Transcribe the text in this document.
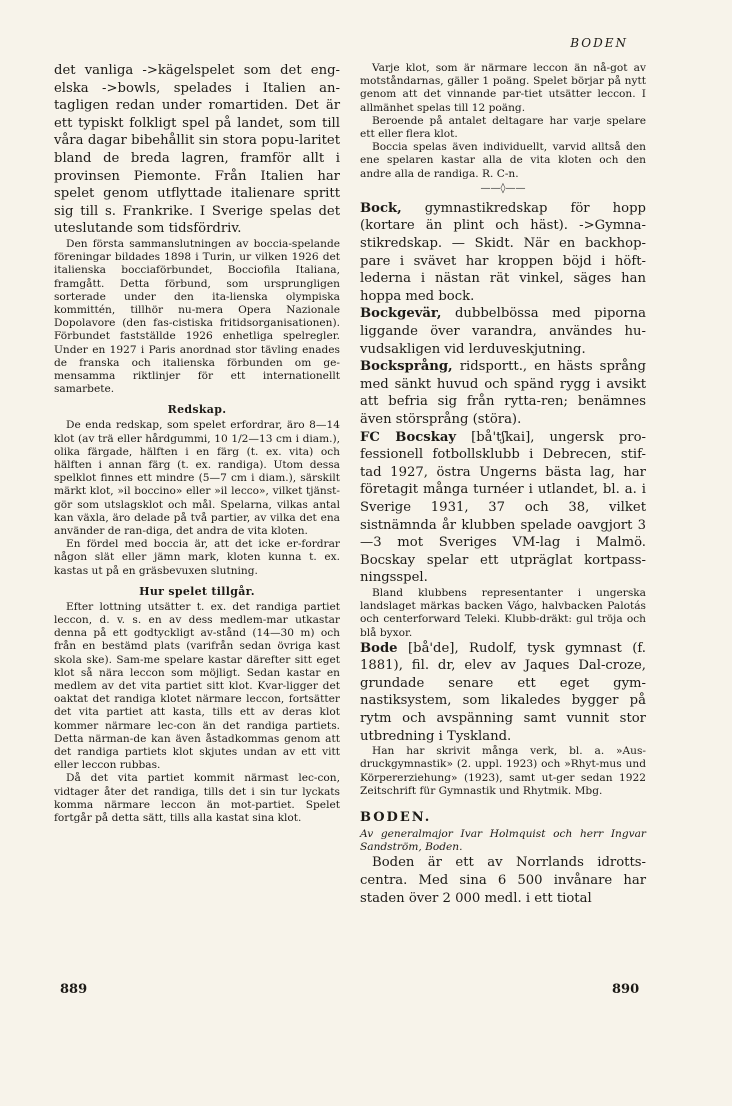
BODEN

det vanliga ->kägelspelet som det eng-elska ->bowls, spelades i Italien an-tagligen redan under romartiden. Det är ett typiskt folkligt spel på landet, som till våra dagar bibehållit sin stora popu-laritet bland de breda lagren, framför allt i provinsen Piemonte. Från Italien har spelet genom utflyttade italienare spritt sig till s. Frankrike. I Sverige spelas det uteslutande som tidsfördriv.

Den första sammanslutningen av boccia-spelande föreningar bildades 1898 i Turin, ur vilken 1926 det italienska bocciaförbundet, Bocciofila Italiana, framgått. Detta förbund, som ursprungligen sorterade under den ita-lienska olympiska kommittén, tillhör nu-mera Opera Nazionale Dopolavore (den fas-cistiska fritidsorganisationen). Förbundet fastställde 1926 enhetliga spelregler. Under en 1927 i Paris anordnad stor tävling enades de franska och italienska förbunden om ge-mensamma riktlinjer för ett internationellt samarbete.

Redskap.

De enda redskap, som spelet erfordrar, äro 8—14 klot (av trä eller hårdgummi, 10 1/2—13 cm i diam.), olika färgade, hälften i en färg (t. ex. vita) och hälften i annan färg (t. ex. randiga). Utom dessa spelklot finnes ett mindre (5—7 cm i diam.), särskilt märkt klot, »il boccino» eller »il lecco», vilket tjänst-gör som utslagsklot och mål. Spelarna, vilkas antal kan växla, äro delade på två partier, av vilka det ena använder de ran-diga, det andra de vita kloten.

En fördel med boccia är, att det icke er-fordrar någon slät eller jämn mark, kloten kunna t. ex. kastas ut på en gräsbevuxen slutning.

Hur spelet tillgår.

Efter lottning utsätter t. ex. det randiga partiet leccon, d. v. s. en av dess medlem-mar utkastar denna på ett godtyckligt av-stånd (14—30 m) och från en bestämd plats (varifrån sedan övriga kast skola ske). Sam-me spelare kastar därefter sitt eget klot så nära leccon som möjligt. Sedan kastar en medlem av det vita partiet sitt klot. Kvar-ligger det oaktat det randiga klotet närmare leccon, fortsätter det vita partiet att kasta, tills ett av deras klot kommer närmare lec-con än det randiga partiets. Detta närman-de kan även åstadkommas genom att det randiga partiets klot skjutes undan av ett vitt eller leccon rubbas.

Då det vita partiet kommit närmast lec-con, vidtager åter det randiga, tills det i sin tur lyckats komma närmare leccon än mot-partiet. Spelet fortgår på detta sätt, tills alla kastat sina klot.

Varje klot, som är närmare leccon än nå-got av motståndarnas, gäller 1 poäng. Spelet börjar på nytt genom att det vinnande par-tiet utsätter leccon. I allmänhet spelas till 12 poäng.

Beroende på antalet deltagare har varje spelare ett eller flera klot.

Boccia spelas även individuellt, varvid alltså den ene spelaren kastar alla de vita kloten och den andre alla de randiga. R. C-n.

——◊——

Bock, gymnastikredskap för hopp (kortare än plint och häst). ->Gymna-stikredskap. — Skidt. När en backhop-pare i svävet har kroppen böjd i höft-lederna i nästan rät vinkel, säges han hoppa med bock.

Bockgevär, dubbelbössa med piporna liggande över varandra, användes hu-vudsakligen vid lerduveskjutning.

Bocksprång, ridsportt., en hästs språng med sänkt huvud och spänd rygg i avsikt att befria sig från rytta-ren; benämnes även störsprång (störa).

FC Bocskay [bå'tʃkai], ungersk pro-fessionell fotbollsklubb i Debrecen, stif-tad 1927, östra Ungerns bästa lag, har företagit många turnéer i utlandet, bl. a. i Sverige 1931, 37 och 38, vilket sistnämnda år klubben spelade oavgjort 3—3 mot Sveriges VM-lag i Malmö. Bocskay spelar ett utpräglat kortpass-ningsspel.

Bland klubbens representanter i ungerska landslaget märkas backen Vágo, halvbacken Palotás och centerforward Teleki. Klubb-dräkt: gul tröja och blå byxor.

Bode [bå'de], Rudolf, tysk gymnast (f. 1881), fil. dr, elev av Jaques Dal-croze, grundade senare ett eget gym-nastiksystem, som likaledes bygger på rytm och avspänning samt vunnit stor utbredning i Tyskland.

Han har skrivit många verk, bl. a. »Aus-druckgymnastik» (2. uppl. 1923) och »Rhyt-mus und Körpererziehung» (1923), samt ut-ger sedan 1922 Zeitschrift für Gymnastik und Rhytmik. Mbg.

BODEN.

Av generalmajor Ivar Holmquist och herr Ingvar Sandström, Boden.

Boden är ett av Norrlands idrotts-centra. Med sina 6 500 invånare har staden över 2 000 medl. i ett tiotal

889	890
